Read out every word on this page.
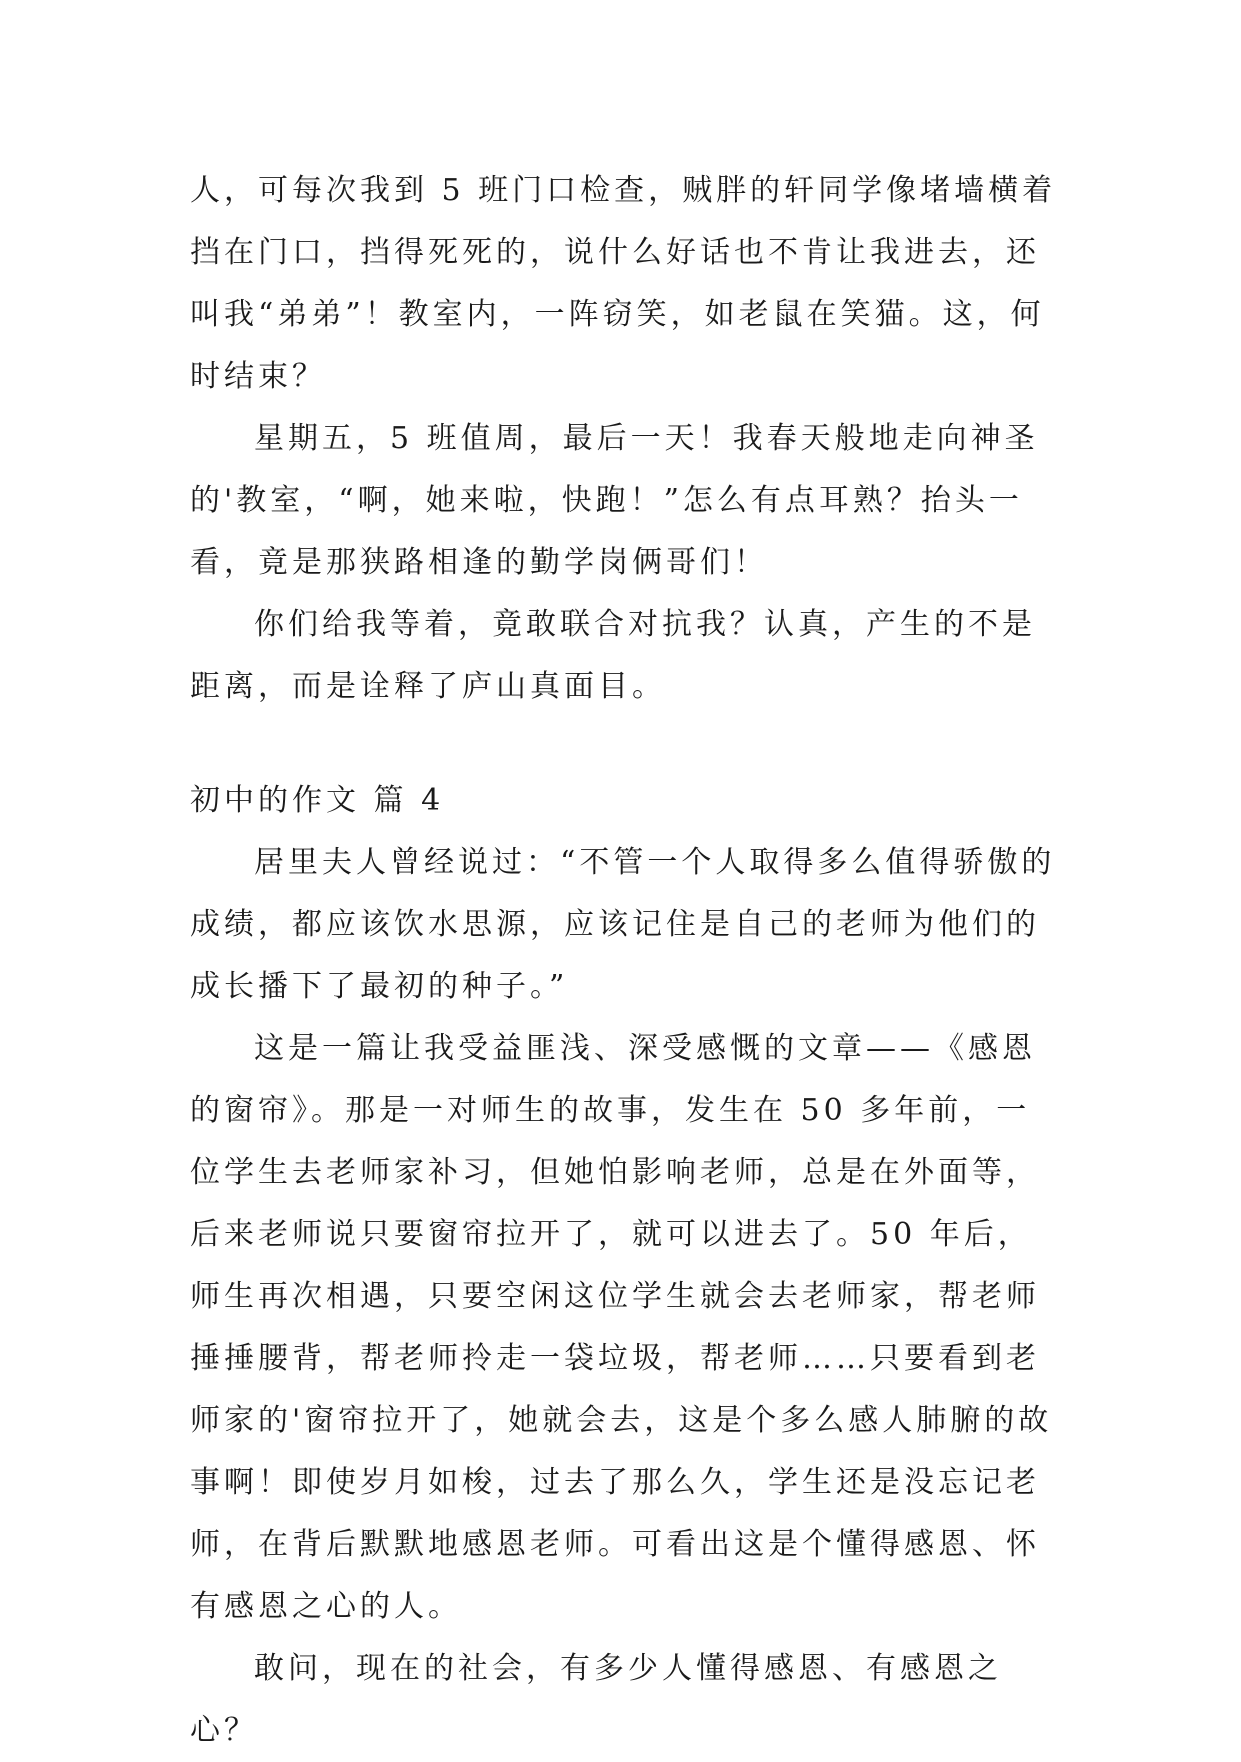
人，可每次我到 5 班门口检查，贼胖的轩同学像堵墙横着挡在门口，挡得死死的，说什么好话也不肯让我进去，还叫我“弟弟”！教室内，一阵窃笑，如老鼠在笑猫。这，何时结束？

星期五，5 班值周，最后一天！我春天般地走向神圣的'教室，“啊，她来啦，快跑！”怎么有点耳熟？抬头一看，竟是那狭路相逢的勤学岗俩哥们！

你们给我等着，竟敢联合对抗我？认真，产生的不是距离，而是诠释了庐山真面目。

初中的作文 篇 4

居里夫人曾经说过：“不管一个人取得多么值得骄傲的成绩，都应该饮水思源，应该记住是自己的老师为他们的成长播下了最初的种子。”

这是一篇让我受益匪浅、深受感慨的文章——《感恩的窗帘》。那是一对师生的故事，发生在 50 多年前，一位学生去老师家补习，但她怕影响老师，总是在外面等，后来老师说只要窗帘拉开了，就可以进去了。50 年后，师生再次相遇，只要空闲这位学生就会去老师家，帮老师捶捶腰背，帮老师拎走一袋垃圾，帮老师……只要看到老师家的'窗帘拉开了，她就会去，这是个多么感人肺腑的故事啊！即使岁月如梭，过去了那么久，学生还是没忘记老师，在背后默默地感恩老师。可看出这是个懂得感恩、怀有感恩之心的人。

敢问，现在的社会，有多少人懂得感恩、有感恩之心？
